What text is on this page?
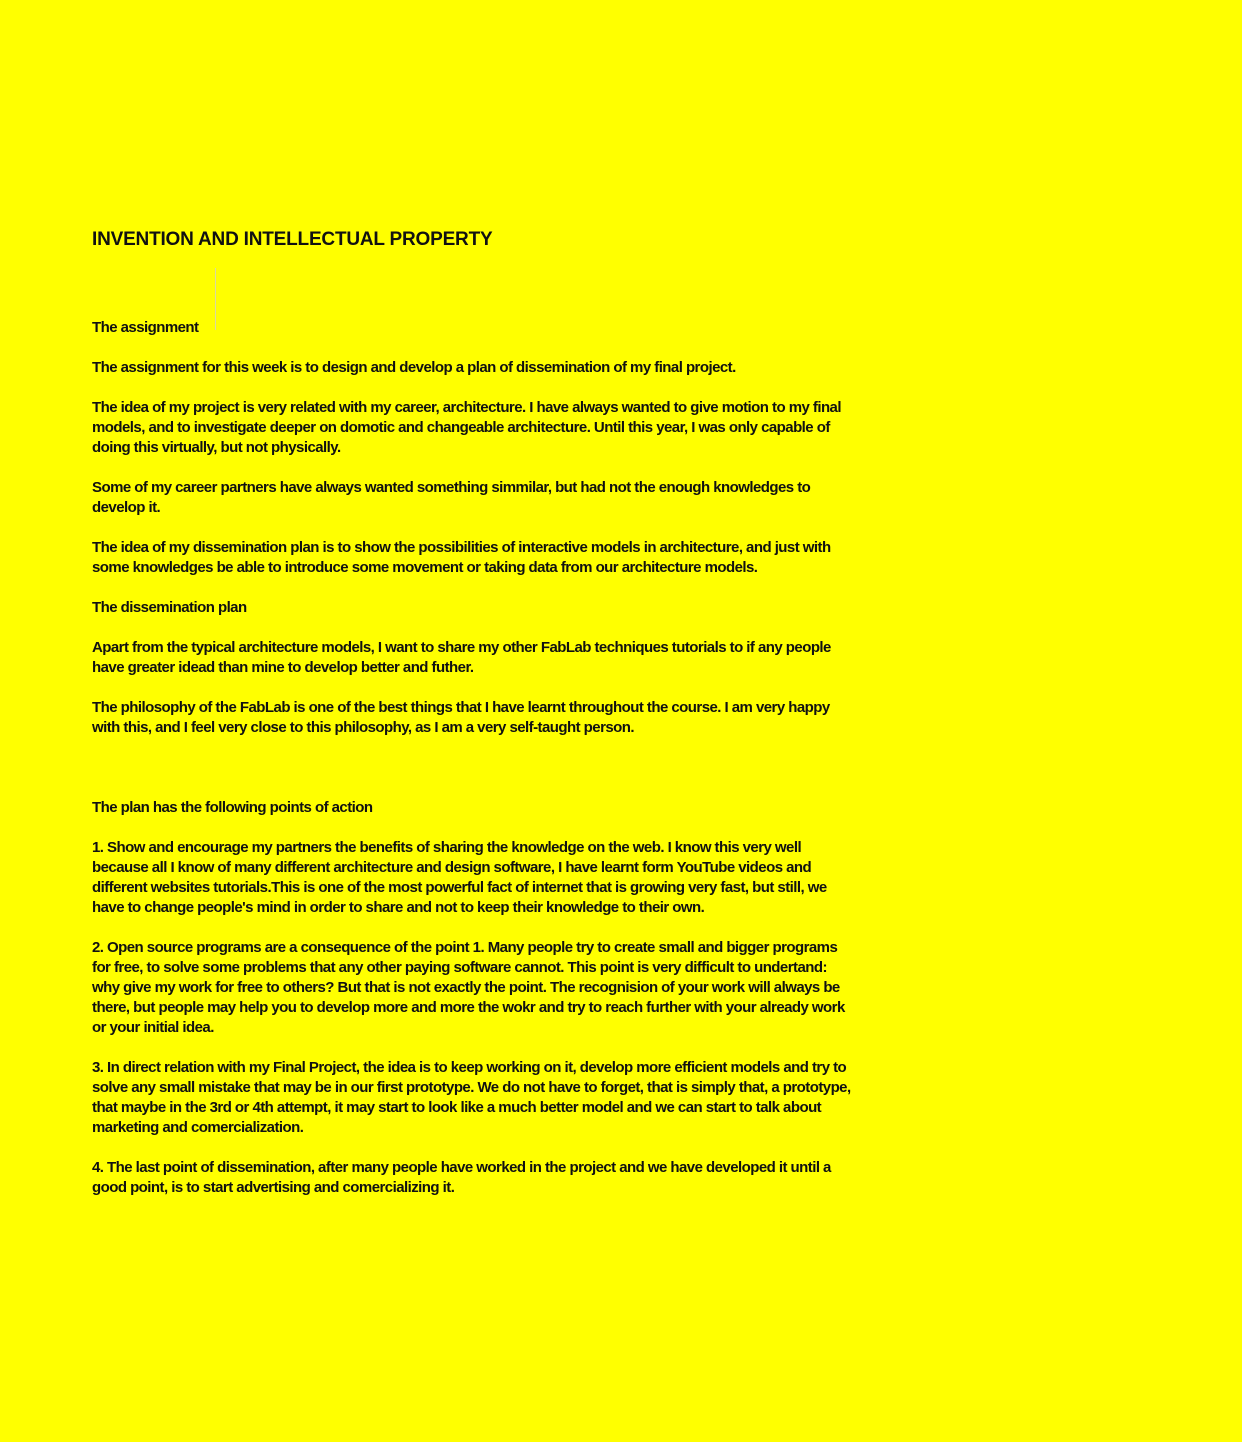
INVENTION AND INTELLECTUAL PROPERTY

The assignment

The assignment for this week is to design and develop a plan of dissemination of my final project.

The idea of my project is very related with my career, architecture. I have always wanted to give motion to my final models, and to investigate deeper on domotic and changeable architecture. Until this year, I was only capable of doing this virtually, but not physically.

Some of my career partners have always wanted something simmilar, but had not the enough knowledges to develop it.

The idea of my dissemination plan is to show the possibilities of interactive models in architecture, and just with some knowledges be able to introduce some movement or taking data from our architecture models.

The dissemination plan

Apart from the typical architecture models, I want to share my other FabLab techniques tutorials to if any people have greater idead than mine to develop better and futher.

The philosophy of the FabLab is one of the best things that I have learnt throughout the course. I am very happy with this, and I feel very close to this philosophy, as I am a very self-taught person.

The plan has the following points of action

1. Show and encourage my partners the benefits of sharing the knowledge on the web. I know this very well because all I know of many different architecture and design software, I have learnt form YouTube videos and different websites tutorials.This is one of the most powerful fact of internet that is growing very fast, but still, we have to change people's mind in order to share and not to keep their knowledge to their own.

2. Open source programs are a consequence of the point 1. Many people try to create small and bigger programs for free, to solve some problems that any other paying software cannot. This point is very difficult to undertand: why give my work for free to others? But that is not exactly the point. The recognision of your work will always be there, but people may help you to develop more and more the wokr and try to reach further with your already work or your initial idea.

3. In direct relation with my Final Project, the idea is to keep working on it, develop more efficient models and try to solve any small mistake that may be in our first prototype. We do not have to forget, that is simply that, a prototype, that maybe in the 3rd or 4th attempt, it may start to look like a much better model and we can start to talk about marketing and comercialization.

4. The last point of dissemination, after many people have worked in the project and we have developed it until a good point, is to start advertising and comercializing it.
